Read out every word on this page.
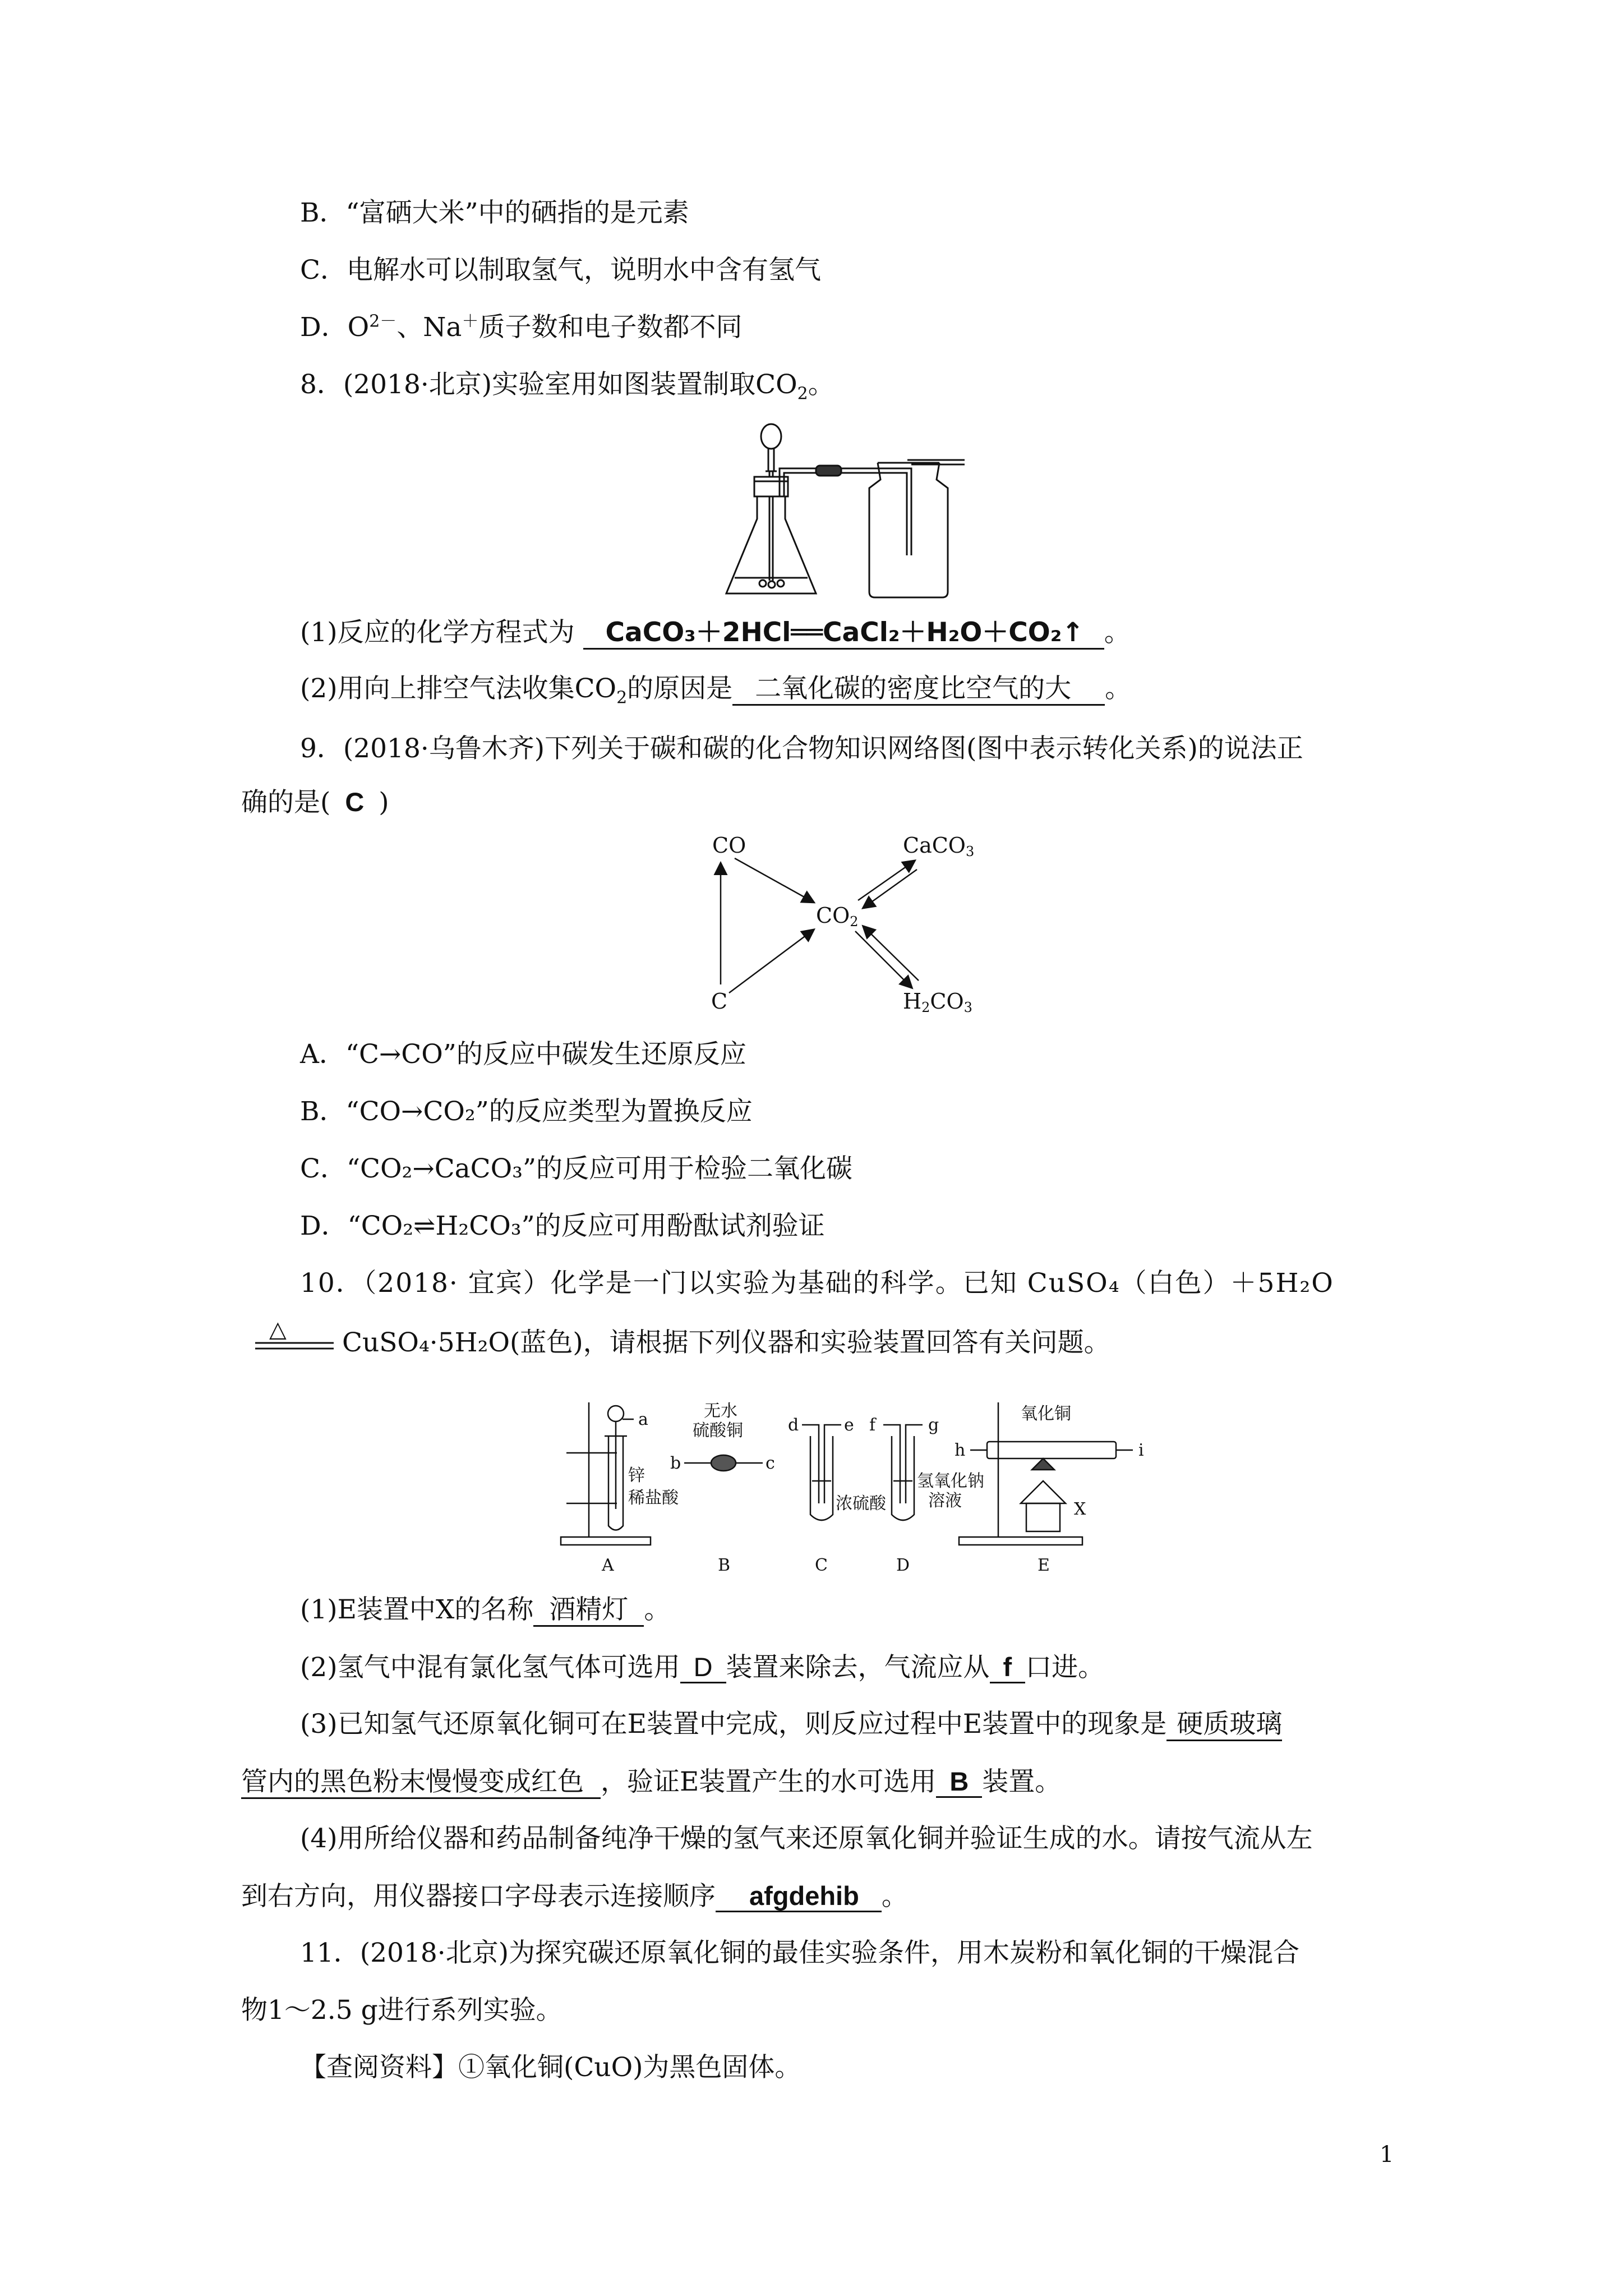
B．“富硒大米”中的硒指的是元素
C．电解水可以制取氢气，说明水中含有氢气
D．$O^{2-}$、Na＋质子数和电子数都不同
8．(2018·北京)实验室用如图装置制取$CO_2$。
(1)反应的化学方程式为 CaCO₃＋2HCl══CaCl₂＋H₂O＋CO₂↑ 。
(2)用向上排空气法收集$CO_2$的原因是 二氧化碳的密度比空气的大 。
9．(2018·乌鲁木齐)下列关于碳和碳的化合物知识网络图(图中表示转化关系)的说法正
确的是( C )
CO	CaCO3
CO2
C	H2CO3
A．“C→CO”的反应中碳发生还原反应
B．“CO→CO₂”的反应类型为置换反应
C．“CO₂→CaCO₃”的反应可用于检验二氧化碳
D．“CO₂⇌H₂CO₃”的反应可用酚酞试剂验证
10．（2018· 宜宾）化学是一门以实验为基础的科学。已知 CuSO₄（白色）＋5H₂O
△ CuSO₄·5H₂O(蓝色)，请根据下列仪器和实验装置回答有关问题。
a
b	c
d	e f	g
h	i
X
锌
稀盐酸
无水
硫酸铜
浓硫酸
氢氧化钠
溶液
氧化铜
A	B	C	D	E
(1)E装置中X的名称 酒精灯 。
(2)氢气中混有氯化氢气体可选用 D 装置来除去，气流应从 f 口进。
(3)已知氢气还原氧化铜可在E装置中完成，则反应过程中E装置中的现象是 硬质玻璃
管内的黑色粉末慢慢变成红色 ，验证E装置产生的水可选用 B 装置。
(4)用所给仪器和药品制备纯净干燥的氢气来还原氧化铜并验证生成的水。请按气流从左
到右方向，用仪器接口字母表示连接顺序 afgdehib 。
11．(2018·北京)为探究碳还原氧化铜的最佳实验条件，用木炭粉和氧化铜的干燥混合
物1～2.5 g进行系列实验。
【查阅资料】①氧化铜(CuO)为黑色固体。
1
